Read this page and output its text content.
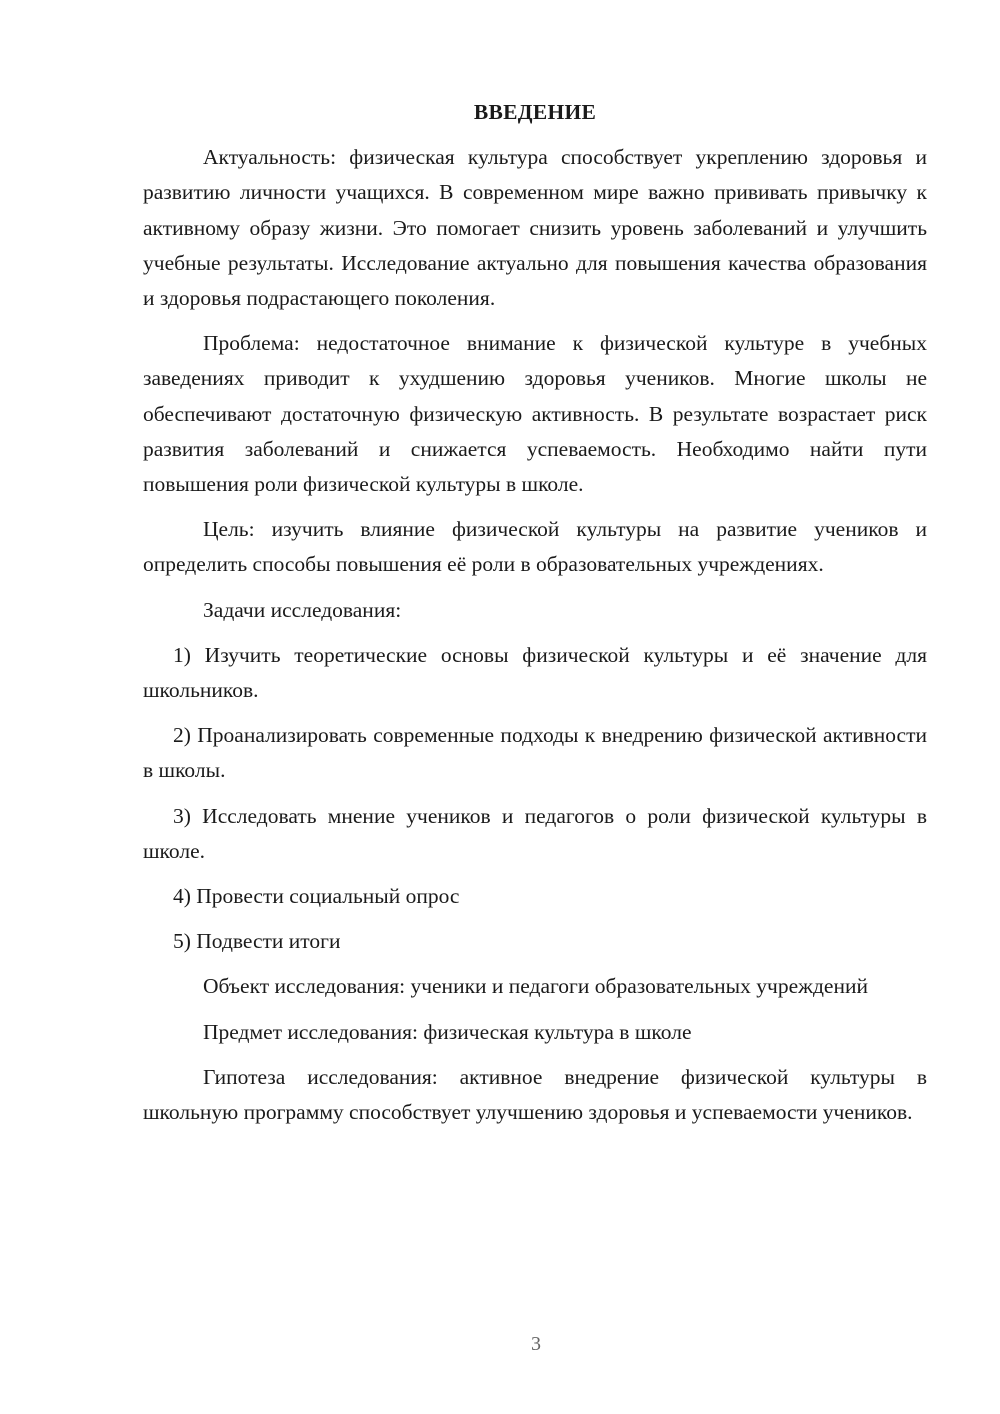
ВВЕДЕНИЕ

Актуальность: физическая культура способствует укреплению здоровья и развитию личности учащихся. В современном мире важно прививать привычку к активному образу жизни. Это помогает снизить уровень заболеваний и улучшить учебные результаты. Исследование актуально для повышения качества образования и здоровья подрастающего поколения.

Проблема: недостаточное внимание к физической культуре в учебных заведениях приводит к ухудшению здоровья учеников. Многие школы не обеспечивают достаточную физическую активность. В результате возрастает риск развития заболеваний и снижается успеваемость. Необходимо найти пути повышения роли физической культуры в школе.

Цель: изучить влияние физической культуры на развитие учеников и определить способы повышения её роли в образовательных учреждениях.

Задачи исследования:

1) Изучить теоретические основы физической культуры и её значение для школьников.

2) Проанализировать современные подходы к внедрению физической активности в школы.

3) Исследовать мнение учеников и педагогов о роли физической культуры в школе.

4) Провести социальный опрос

5) Подвести итоги

Объект исследования: ученики и педагоги образовательных учреждений

Предмет исследования: физическая культура в школе

Гипотеза исследования: активное внедрение физической культуры в школьную программу способствует улучшению здоровья и успеваемости учеников.

3
